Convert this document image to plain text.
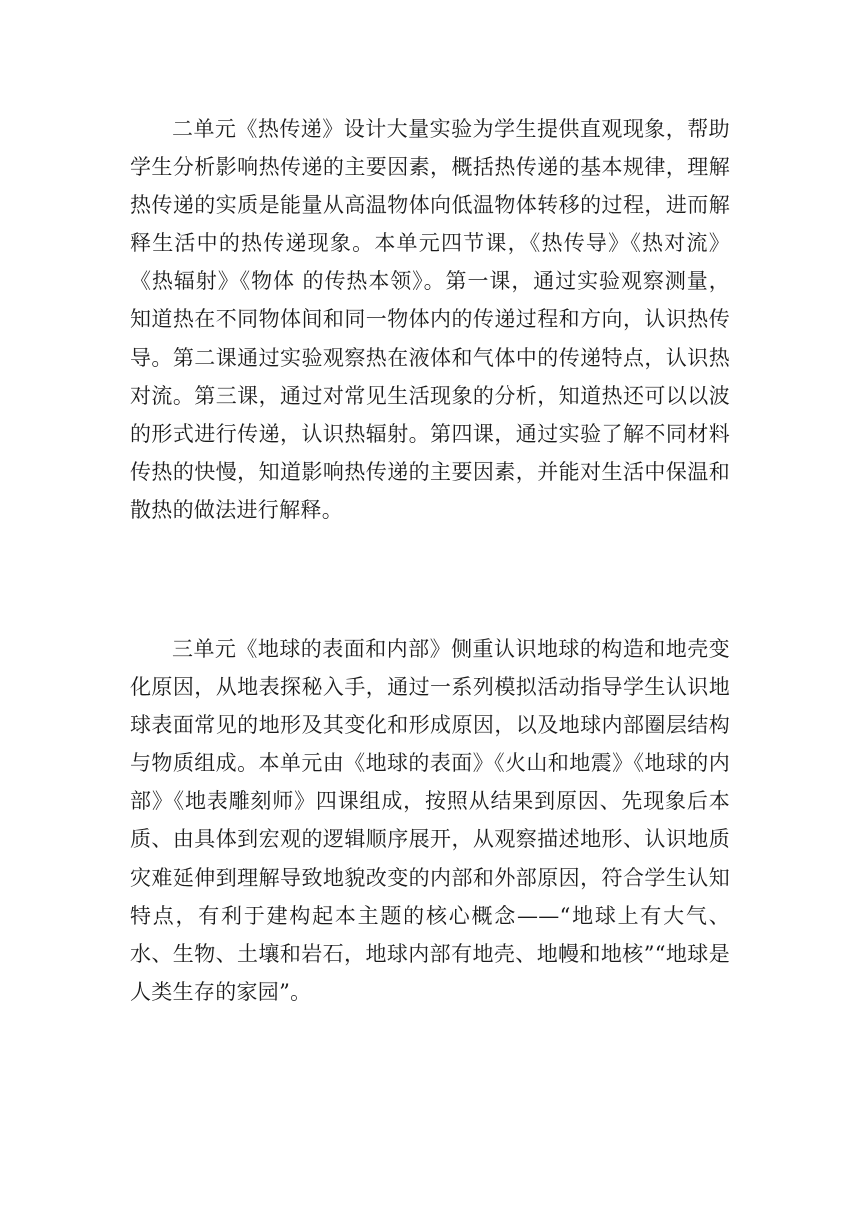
二单元《热传递》设计大量实验为学生提供直观现象，帮助学生分析影响热传递的主要因素，概括热传递的基本规律，理解热传递的实质是能量从高温物体向低温物体转移的过程，进而解释生活中的热传递现象。本单元四节课，《热传导》《热对流》《热辐射》《物体 的传热本领》。第一课，通过实验观察测量，知道热在不同物体间和同一物体内的传递过程和方向，认识热传导。第二课通过实验观察热在液体和气体中的传递特点，认识热对流。第三课，通过对常见生活现象的分析，知道热还可以以波的形式进行传递，认识热辐射。第四课，通过实验了解不同材料传热的快慢，知道影响热传递的主要因素，并能对生活中保温和散热的做法进行解释。

三单元《地球的表面和内部》侧重认识地球的构造和地壳变化原因，从地表探秘入手，通过一系列模拟活动指导学生认识地球表面常见的地形及其变化和形成原因，以及地球内部圈层结构与物质组成。本单元由《地球的表面》《火山和地震》《地球的内部》《地表雕刻师》四课组成，按照从结果到原因、先现象后本质、由具体到宏观的逻辑顺序展开，从观察描述地形、认识地质灾难延伸到理解导致地貌改变的内部和外部原因，符合学生认知特点，有利于建构起本主题的核心概念——“地球上有大气、水、生物、土壤和岩石，地球内部有地壳、地幔和地核”“地球是人类生存的家园”。
